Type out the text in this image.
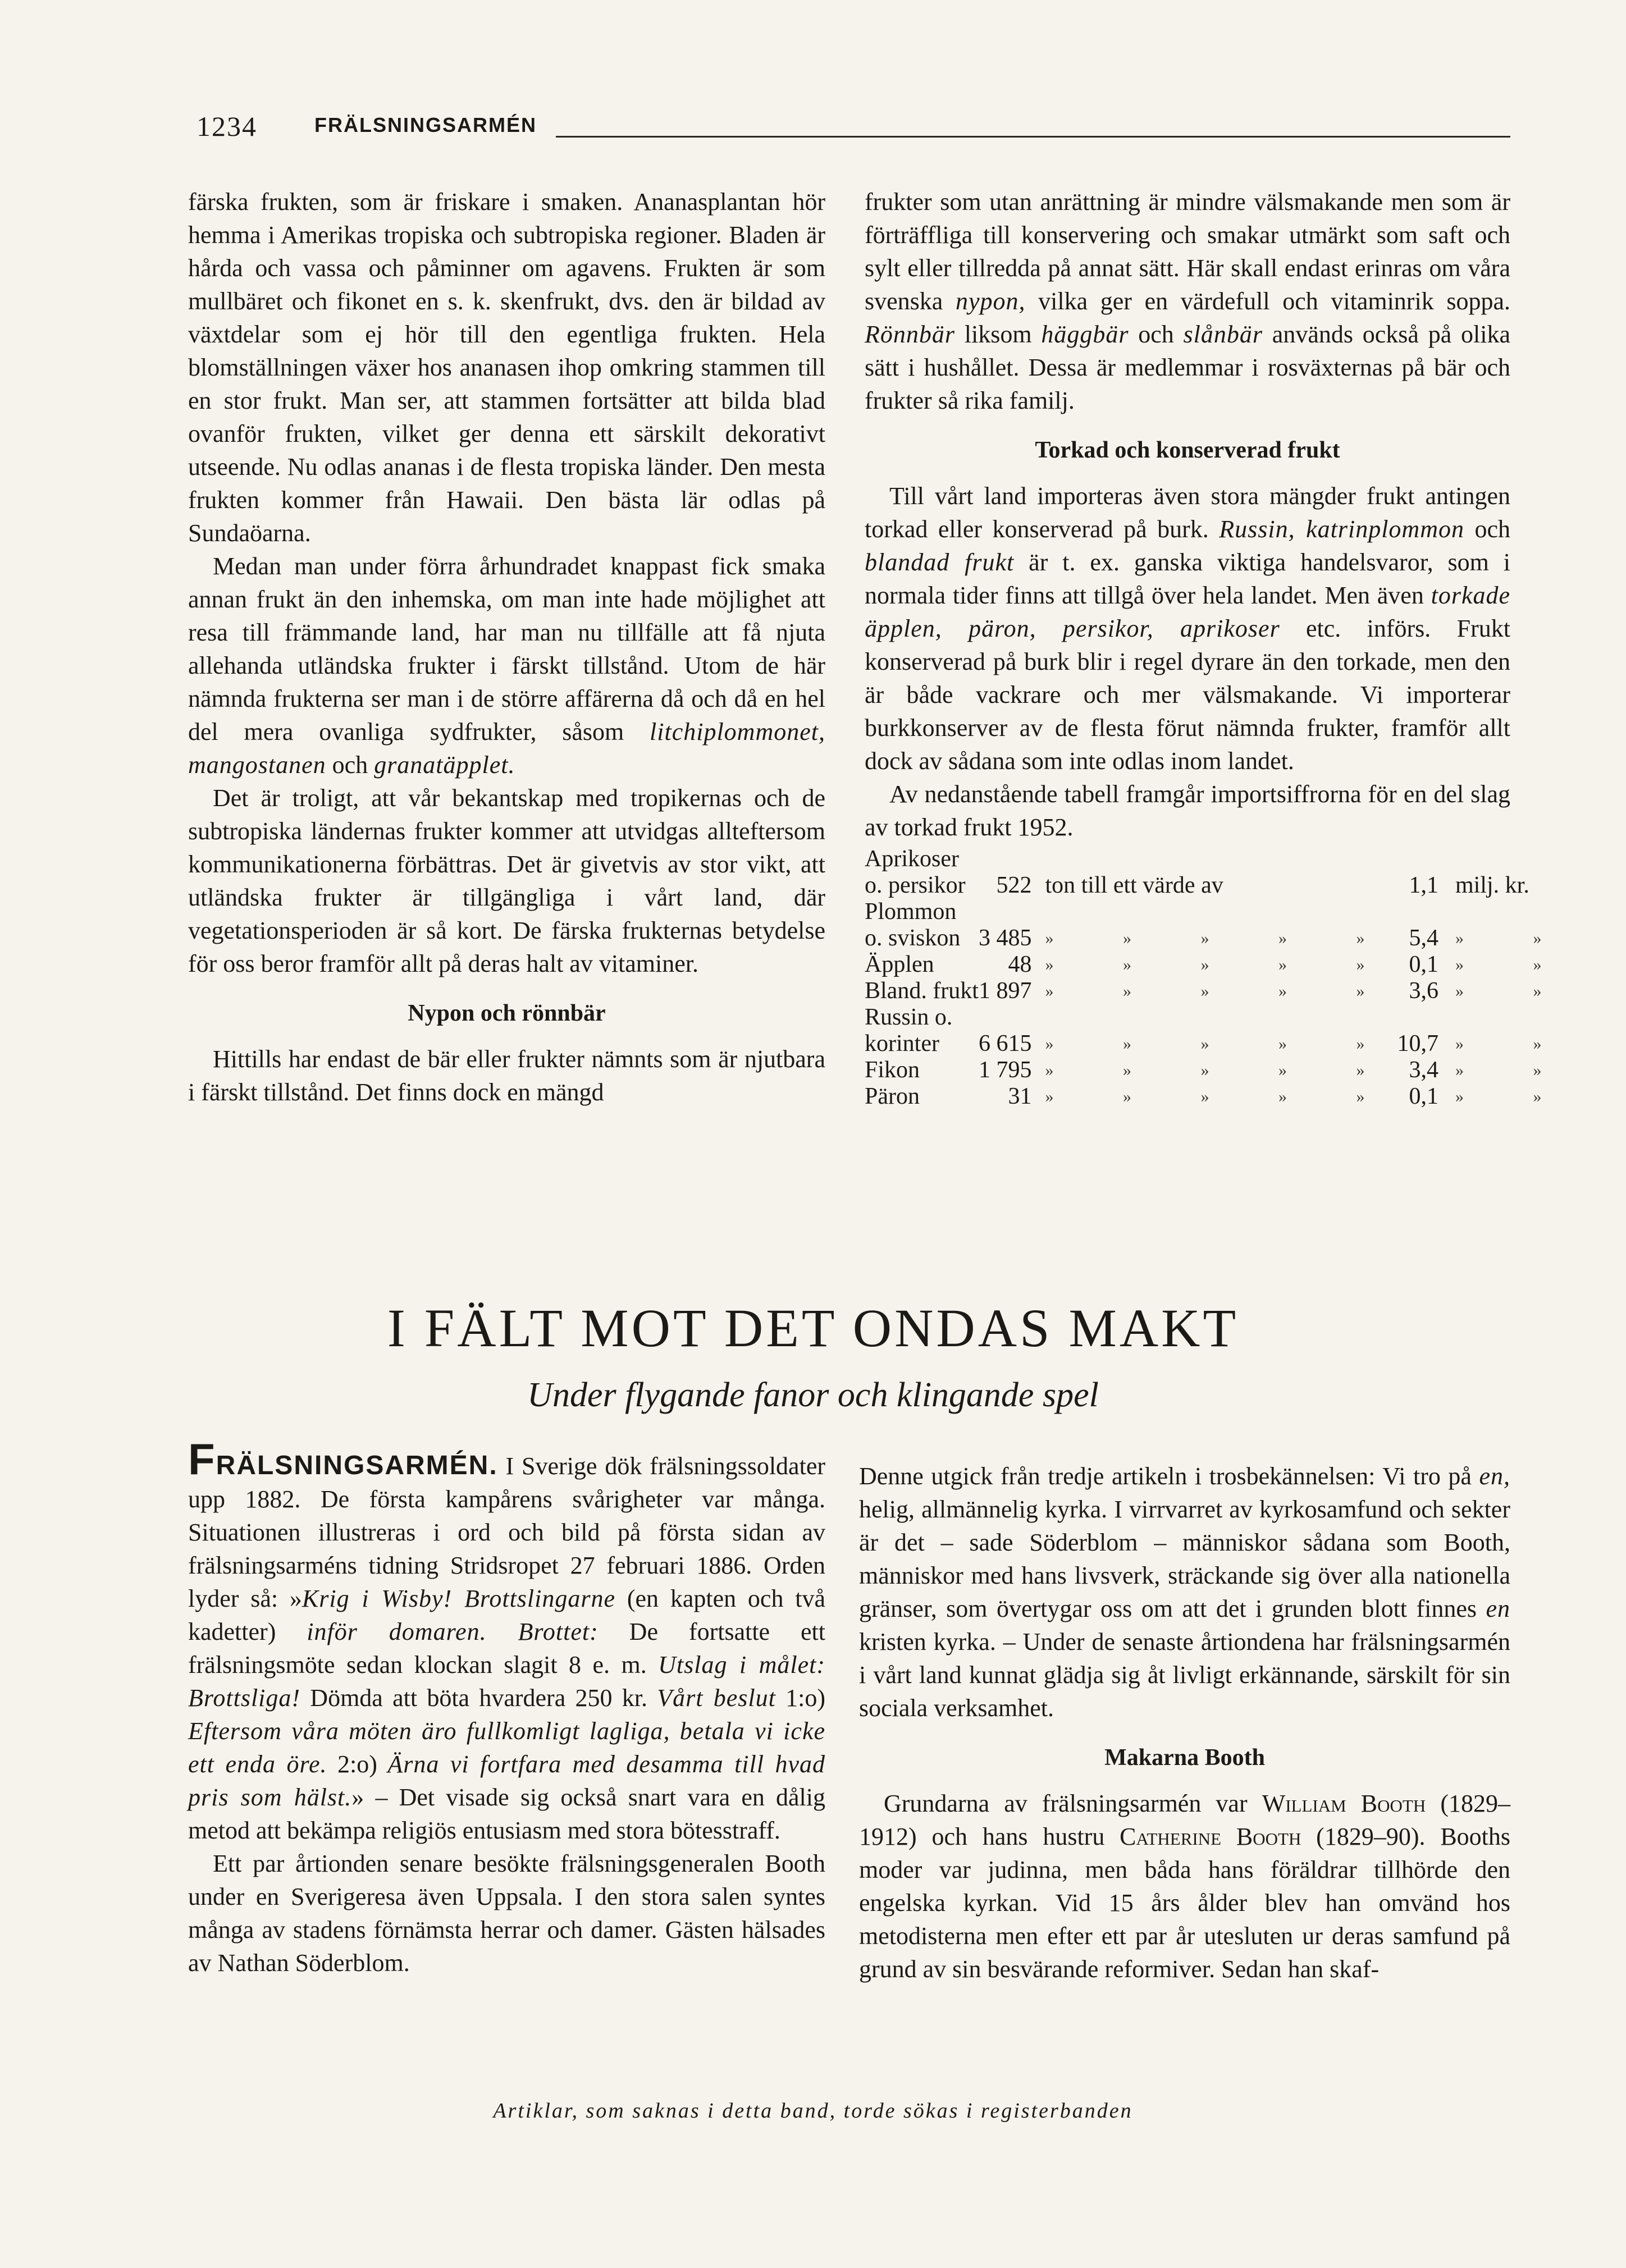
1234	FRÄLSNINGSARMÉN

färska frukten, som är friskare i smaken. Ananasplantan hör hemma i Amerikas tropiska och subtropiska regioner. Bladen är hårda och vassa och påminner om agavens. Frukten är som mullbäret och fikonet en s. k. skenfrukt, dvs. den är bildad av växtdelar som ej hör till den egentliga frukten. Hela blomställningen växer hos ananasen ihop omkring stammen till en stor frukt. Man ser, att stammen fortsätter att bilda blad ovanför frukten, vilket ger denna ett särskilt dekorativt utseende. Nu odlas ananas i de flesta tropiska länder. Den mesta frukten kommer från Hawaii. Den bästa lär odlas på Sundaöarna.

Medan man under förra århundradet knappast fick smaka annan frukt än den inhemska, om man inte hade möjlighet att resa till främmande land, har man nu tillfälle att få njuta allehanda utländska frukter i färskt tillstånd. Utom de här nämnda frukterna ser man i de större affärerna då och då en hel del mera ovanliga sydfrukter, såsom litchiplommonet, mangostanen och granatäpplet.

Det är troligt, att vår bekantskap med tropikernas och de subtropiska ländernas frukter kommer att utvidgas allteftersom kommunikationerna förbättras. Det är givetvis av stor vikt, att utländska frukter är tillgängliga i vårt land, där vegetationsperioden är så kort. De färska frukternas betydelse för oss beror framför allt på deras halt av vitaminer.

Nypon och rönnbär

Hittills har endast de bär eller frukter nämnts som är njutbara i färskt tillstånd. Det finns dock en mängd

frukter som utan anrättning är mindre välsmakande men som är förträffliga till konservering och smakar utmärkt som saft och sylt eller tillredda på annat sätt. Här skall endast erinras om våra svenska nypon, vilka ger en värdefull och vitaminrik soppa. Rönnbär liksom häggbär och slånbär används också på olika sätt i hushållet. Dessa är medlemmar i rosväxternas på bär och frukter så rika familj.

Torkad och konserverad frukt

Till vårt land importeras även stora mängder frukt antingen torkad eller konserverad på burk. Russin, katrinplommon och blandad frukt är t. ex. ganska viktiga handelsvaror, som i normala tider finns att tillgå över hela landet. Men även torkade äpplen, päron, persikor, aprikoser etc. införs. Frukt konserverad på burk blir i regel dyrare än den torkade, men den är både vackrare och mer välsmakande. Vi importerar burkkonserver av de flesta förut nämnda frukter, framför allt dock av sådana som inte odlas inom landet.

Av nedanstående tabell framgår importsiffrorna för en del slag av torkad frukt 1952.

Aprikoser				
o. persikor	522	ton till ett värde av	1,1	milj. kr.
Plommon				
o. sviskon	3 485	» » » » »	5,4	» »
Äpplen	48	» » » » »	0,1	» »
Bland. frukt	1 897	» » » » »	3,6	» »
Russin o.				
korinter	6 615	» » » » »	10,7	» »
Fikon	1 795	» » » » »	3,4	» »
Päron	31	» » » » »	0,1	» »
I FÄLT MOT DET ONDAS MAKT
Under flygande fanor och klingande spel

FRÄLSNINGSARMÉN. I Sverige dök frälsningssoldater upp 1882. De första kampårens svårigheter var många. Situationen illustreras i ord och bild på första sidan av frälsningsarméns tidning Stridsropet 27 februari 1886. Orden lyder så: »Krig i Wisby! Brottslingarne (en kapten och två kadetter) inför domaren. Brottet: De fortsatte ett frälsningsmöte sedan klockan slagit 8 e. m. Utslag i målet: Brottsliga! Dömda att böta hvardera 250 kr. Vårt beslut 1:o) Eftersom våra möten äro fullkomligt lagliga, betala vi icke ett enda öre. 2:o) Ärna vi fortfara med desamma till hvad pris som hälst.» – Det visade sig också snart vara en dålig metod att bekämpa religiös entusiasm med stora bötesstraff.

Ett par årtionden senare besökte frälsningsgeneralen Booth under en Sverigeresa även Uppsala. I den stora salen syntes många av stadens förnämsta herrar och damer. Gästen hälsades av Nathan Söderblom.

Denne utgick från tredje artikeln i trosbekännelsen: Vi tro på en, helig, allmännelig kyrka. I virrvarret av kyrkosamfund och sekter är det – sade Söderblom – människor sådana som Booth, människor med hans livsverk, sträckande sig över alla nationella gränser, som övertygar oss om att det i grunden blott finnes en kristen kyrka. – Under de senaste årtiondena har frälsningsarmén i vårt land kunnat glädja sig åt livligt erkännande, särskilt för sin sociala verksamhet.

Makarna Booth

Grundarna av frälsningsarmén var William Booth (1829–1912) och hans hustru Catherine Booth (1829–90). Booths moder var judinna, men båda hans föräldrar tillhörde den engelska kyrkan. Vid 15 års ålder blev han omvänd hos metodisterna men efter ett par år utesluten ur deras samfund på grund av sin besvärande reformiver. Sedan han skaf-

Artiklar, som saknas i detta band, torde sökas i registerbanden
